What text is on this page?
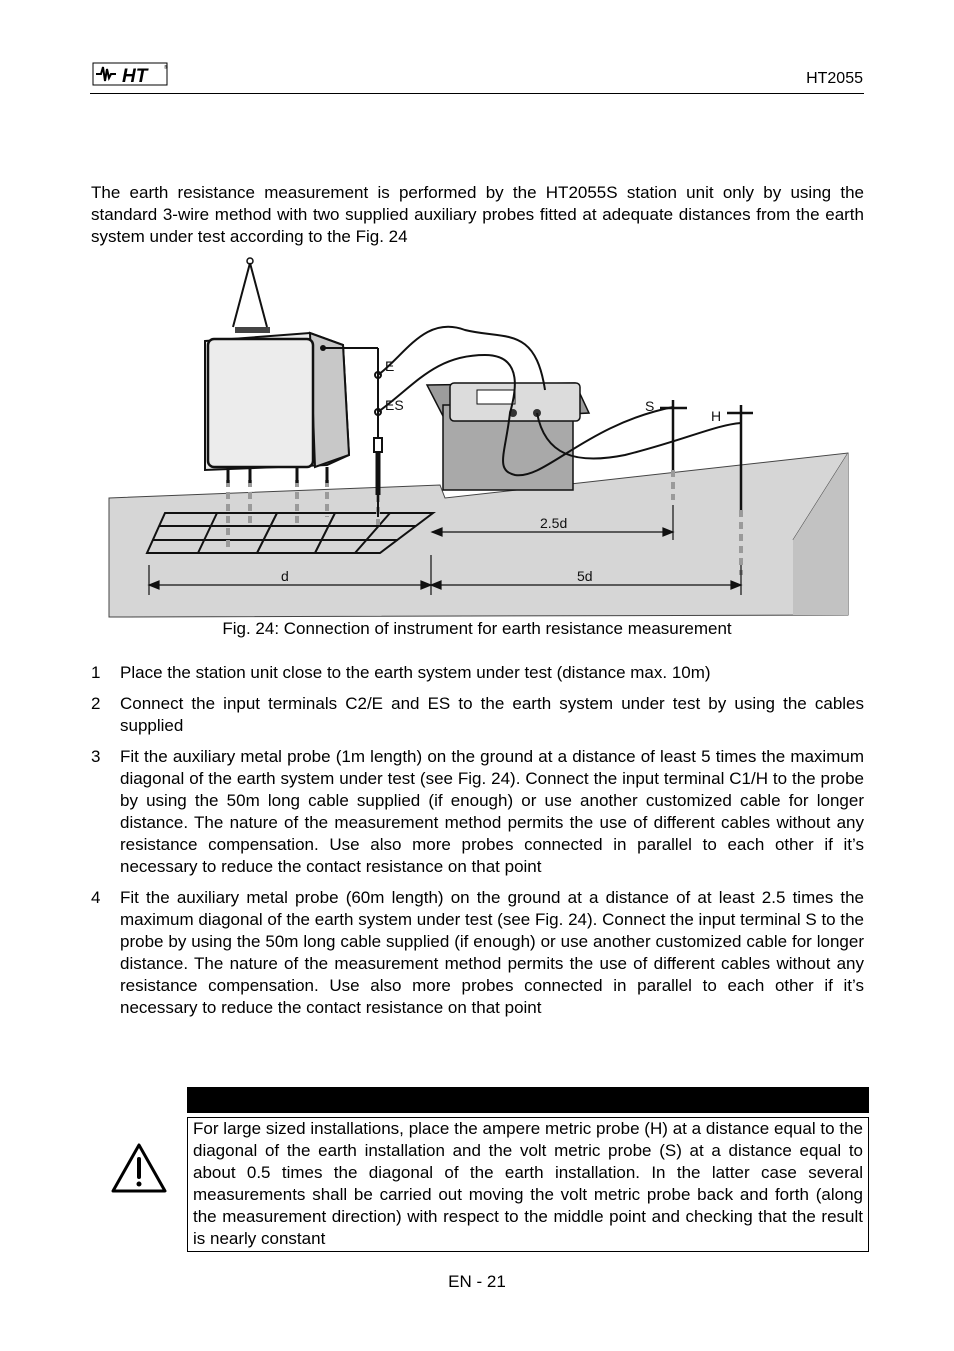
HT	®
HT2055
The earth resistance measurement is performed by the HT2055S station unit only by using the standard 3-wire method with two supplied auxiliary probes fitted at adequate distances from the earth system under test according to the Fig. 24
E
ES	S
H
2.5d
d	5d
Fig. 24: Connection of instrument for earth resistance measurement
1	Place the station unit close to the earth system under test (distance max. 10m)
2	Connect the input terminals C2/E and ES to the earth system under test by using the cables supplied
3	Fit the auxiliary metal probe (1m length) on the ground at a distance of least 5 times the maximum diagonal of the earth system under test (see Fig. 24). Connect the input terminal C1/H to the probe by using the 50m long cable supplied (if enough) or use another customized cable for longer distance. The nature of the measurement method permits the use of different cables without any resistance compensation. Use also more probes connected in parallel to each other if it’s necessary to reduce the contact resistance on that point
4	Fit the auxiliary metal probe (60m length) on the ground at a distance of at least 2.5 times the maximum diagonal of the earth system under test (see Fig. 24). Connect the input terminal S to the probe by using the 50m long cable supplied (if enough) or use another customized cable for longer distance. The nature of the measurement method permits the use of different cables without any resistance compensation. Use also more probes connected in parallel to each other if it’s necessary to reduce the contact resistance on that point
For large sized installations, place the ampere metric probe (H) at a distance equal to the diagonal of the earth installation and the volt metric probe (S) at a distance equal to about 0.5 times the diagonal of the earth installation. In the latter case several measurements shall be carried out moving the volt metric probe back and forth (along the measurement direction) with respect to the middle point and checking that the result is nearly constant
EN - 21
